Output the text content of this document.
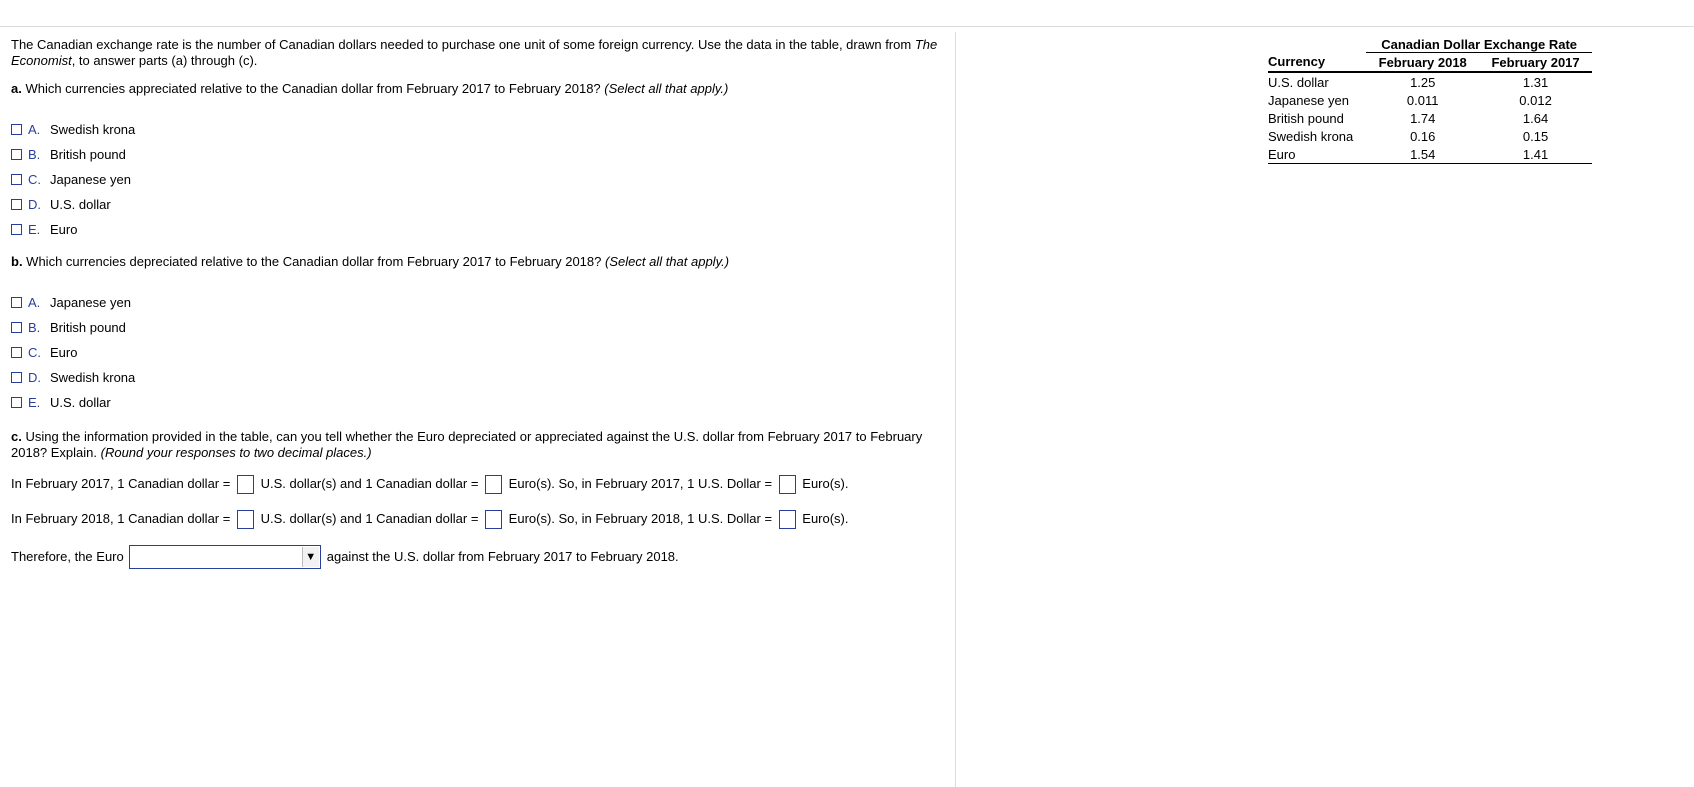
The Canadian exchange rate is the number of Canadian dollars needed to purchase one unit of some foreign currency. Use the data in the table, drawn from The Economist, to answer parts (a) through (c).

a. Which currencies appreciated relative to the Canadian dollar from February 2017 to February 2018? (Select all that apply.)

A. Swedish krona
B. British pound
C. Japanese yen
D. U.S. dollar
E. Euro

b. Which currencies depreciated relative to the Canadian dollar from February 2017 to February 2018? (Select all that apply.)

A. Japanese yen
B. British pound
C. Euro
D. Swedish krona
E. U.S. dollar

c. Using the information provided in the table, can you tell whether the Euro depreciated or appreciated against the U.S. dollar from February 2017 to February 2018? Explain. (Round your responses to two decimal places.)

In February 2017, 1 Canadian dollar = U.S. dollar(s) and 1 Canadian dollar = Euro(s). So, in February 2017, 1 U.S. Dollar = Euro(s).
In February 2018, 1 Canadian dollar = U.S. dollar(s) and 1 Canadian dollar = Euro(s). So, in February 2018, 1 U.S. Dollar = Euro(s).
Therefore, the Euro	▼ against the U.S. dollar from February 2017 to February 2018.
	Canadian Dollar Exchange Rate	
Currency	February 2018	February 2017
U.S. dollar	1.25	1.31
Japanese yen	0.011	0.012
British pound	1.74	1.64
Swedish krona	0.16	0.15
Euro	1.54	1.41
